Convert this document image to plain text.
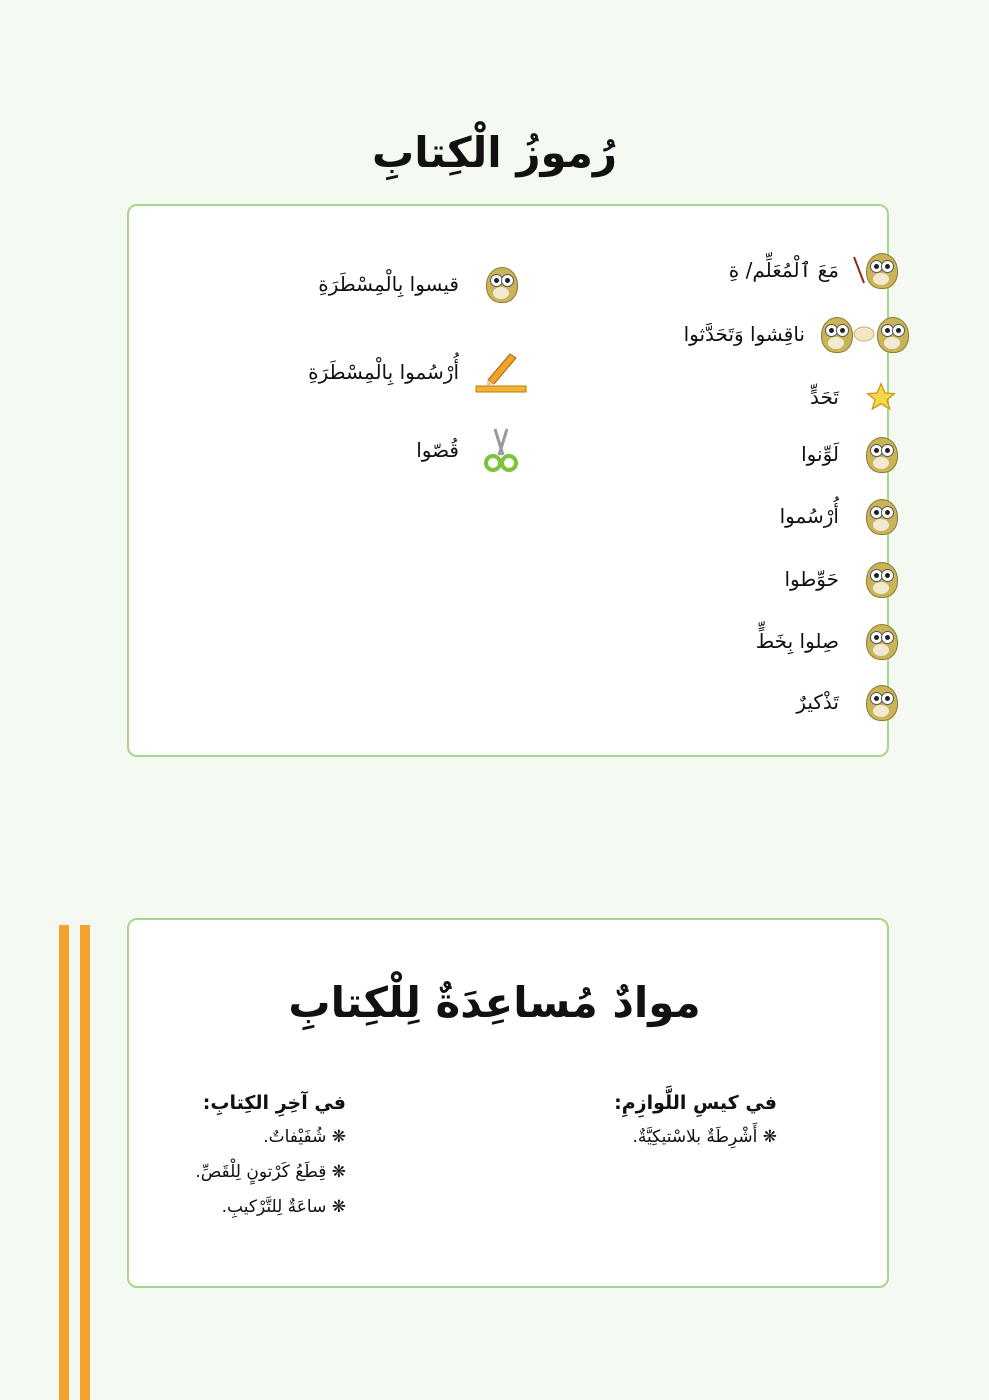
رُموزُ الْكِتابِ
مَعَ ٱلْمُعَلِّم/ ةِ
ناقِشوا وَتَحَدَّثوا
تَحَدٍّ
لَوِّنوا
أُرْسُموا
حَوِّطوا
صِلوا بِخَطٍّ
تَذْكيرٌ
قيسوا بِالْمِسْطَرَةِ
أُرْسُموا بِالْمِسْطَرَةِ
قُصّوا
موادٌ مُساعِدَةٌ لِلْكِتابِ
في كيسِ اللَّوازِمِ:
❋ أَشْرِطَةٌ بلاسْتيكِيَّةٌ.
في آخِرِ الكِتابِ:
❋ شُفَيْفاتٌ.
❋ قِطَعُ كَرْتونٍ لِلْقَصِّ.
❋ ساعَةٌ لِلتَّرْكيبِ.
